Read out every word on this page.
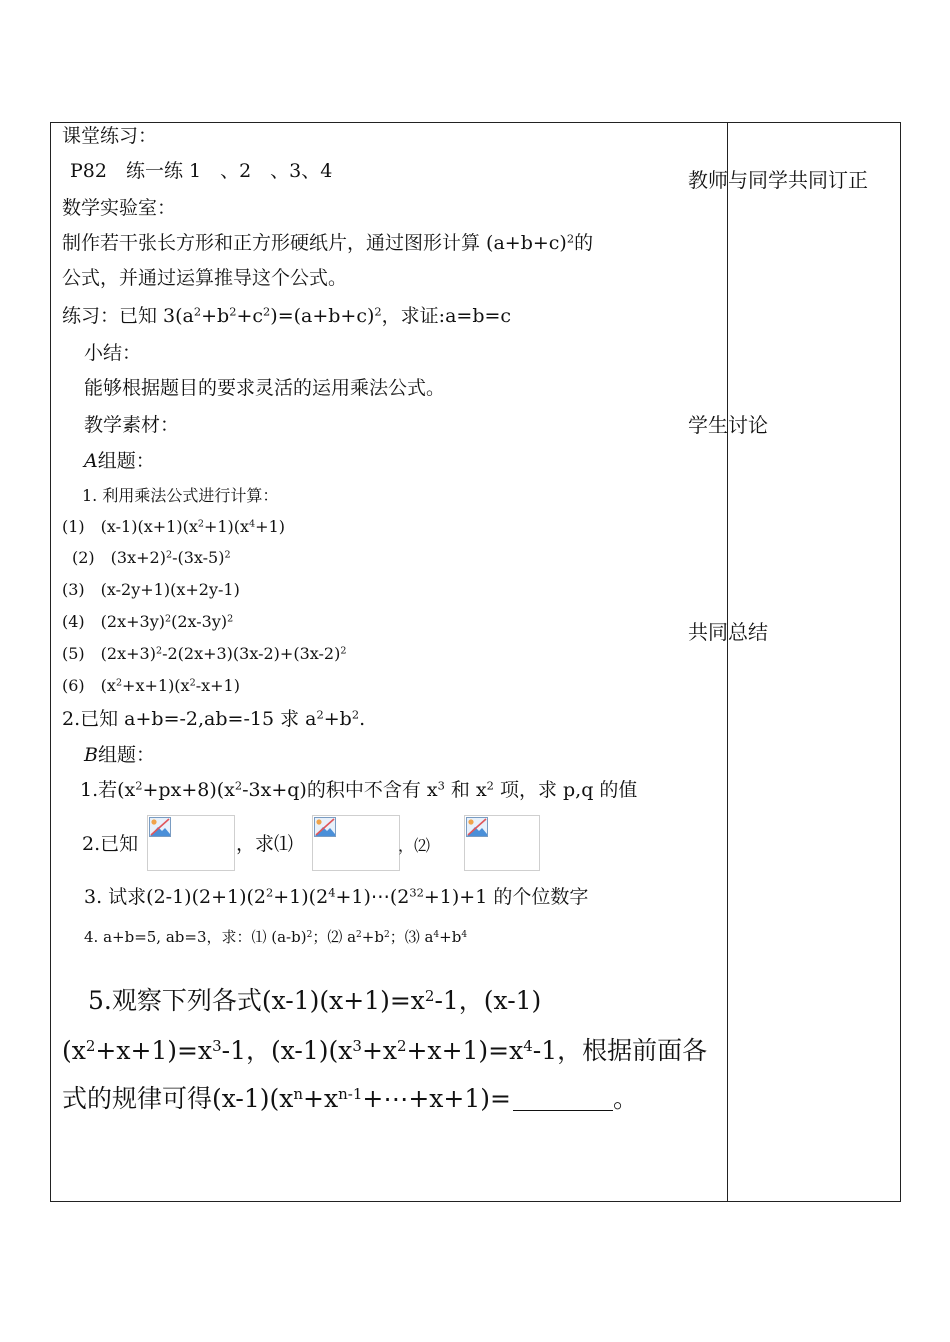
课堂练习：
P82　练一练 1　、2　、3、4
数学实验室：
制作若干张长方形和正方形硬纸片，通过图形计算 $(a+b+c)^2$的
公式，并通过运算推导这个公式。
练习：已知 $3(a^2+b^2+c^2)=(a+b+c)^2$，求证:a=b=c
小结：
能够根据题目的要求灵活的运用乘法公式。
教学素材：
A组题：
1. 利用乘法公式进行计算：
(1)　$(x-1)(x+1)(x^2+1)(x^4+1)$
(2)　$(3x+2)^2-(3x-5)^2$
(3)　(x-2y+1)(x+2y-1)
(4)　$(2x+3y)^2(2x-3y)^2$
(5)　$(2x+3)^2-2(2x+3)(3x-2)+(3x-2)^2$
(6)　$(x^2+x+1)(x^2-x+1)$
2.已知 a+b=-2,ab=-15 求 $a^2+b^2$.
B组题：
1.若$(x^2+px+8)(x^2-3x+q)$的积中不含有 $x^3$ 和 $x^2$ 项，求 p,q 的值
2.已知	，求⑴	，⑵
3. 试求$(2-1)(2+1)(2^2+1)(2^4+1)\cdots(2^{32}+1)+1$ 的个位数字
4. a+b=5, ab=3，求：⑴ $(a-b)^2$；⑵ $a^2+b^2$；⑶ $a^4+b^4$
5.观察下列各式$(x-1)(x+1)=x^2-1$，(x-1)
$(x^2+x+1)=x^3-1$，$(x-1)(x^3+x^2+x+1)=x^4-1$，根据前面各
式的规律可得$(x-1)(x^n+x^{n-1}+\cdots+x+1)=$	。
教师与同学共同订正
学生讨论
共同总结
